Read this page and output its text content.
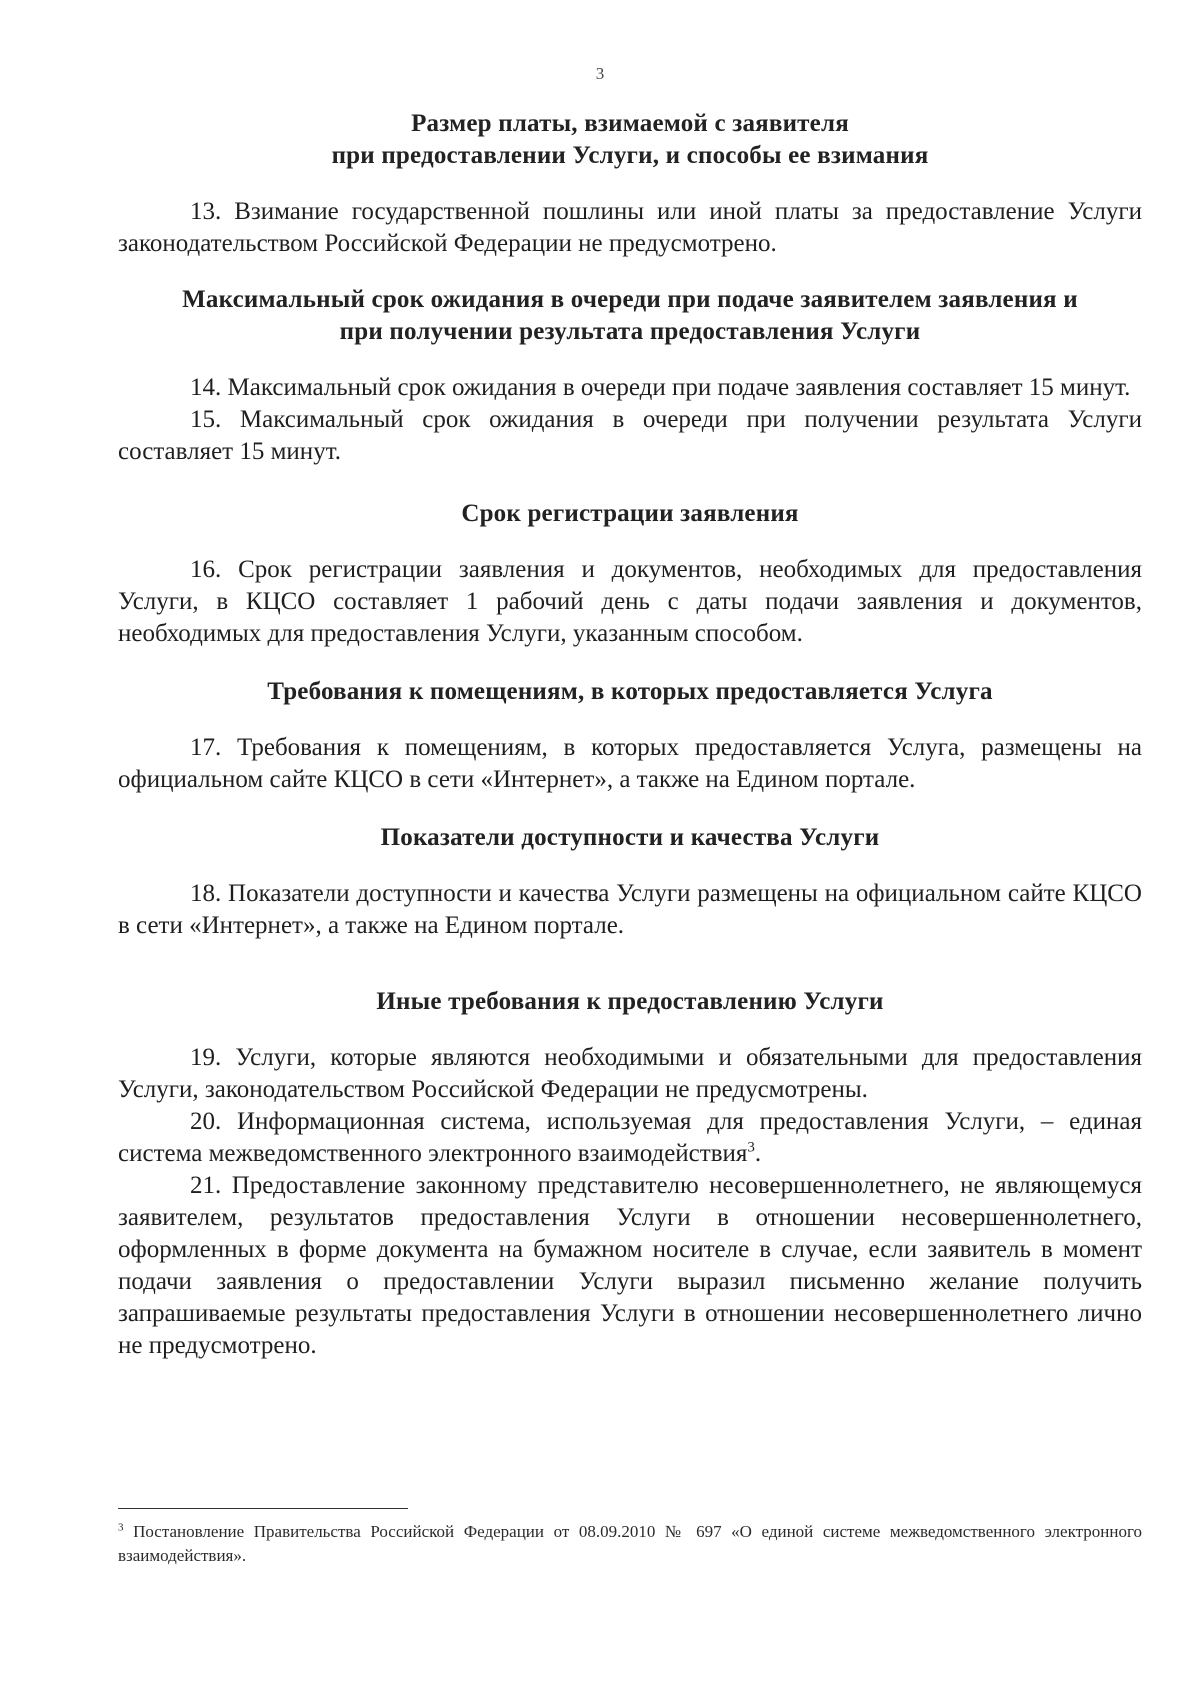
3

Размер платы, взимаемой с заявителя
при предоставлении Услуги, и способы ее взимания

13. Взимание государственной пошлины или иной платы за предоставление Услуги законодательством Российской Федерации не предусмотрено.

Максимальный срок ожидания в очереди при подаче заявителем заявления и
при получении результата предоставления Услуги

14. Максимальный срок ожидания в очереди при подаче заявления составляет 15 минут.

15. Максимальный срок ожидания в очереди при получении результата Услуги составляет 15 минут.

Срок регистрации заявления

16. Срок регистрации заявления и документов, необходимых для предоставления Услуги, в КЦСО составляет 1 рабочий день с даты подачи заявления и документов, необходимых для предоставления Услуги, указанным способом.

Требования к помещениям, в которых предоставляется Услуга

17. Требования к помещениям, в которых предоставляется Услуга, размещены на официальном сайте КЦСО в сети «Интернет», а также на Едином портале.

Показатели доступности и качества Услуги

18. Показатели доступности и качества Услуги размещены на официальном сайте КЦСО в сети «Интернет», а также на Едином портале.

Иные требования к предоставлению Услуги

19. Услуги, которые являются необходимыми и обязательными для предоставления Услуги, законодательством Российской Федерации не предусмотрены.

20. Информационная система, используемая для предоставления Услуги, – единая система межведомственного электронного взаимодействия$^3$.

21. Предоставление законному представителю несовершеннолетнего, не являющемуся заявителем, результатов предоставления Услуги в отношении несовершеннолетнего, оформленных в форме документа на бумажном носителе в случае, если заявитель в момент подачи заявления о предоставлении Услуги выразил письменно желание получить запрашиваемые результаты предоставления Услуги в отношении несовершеннолетнего лично не предусмотрено.

$^3$ Постановление Правительства Российской Федерации от 08.09.2010 № 697 «О единой системе межведомственного электронного взаимодействия».
